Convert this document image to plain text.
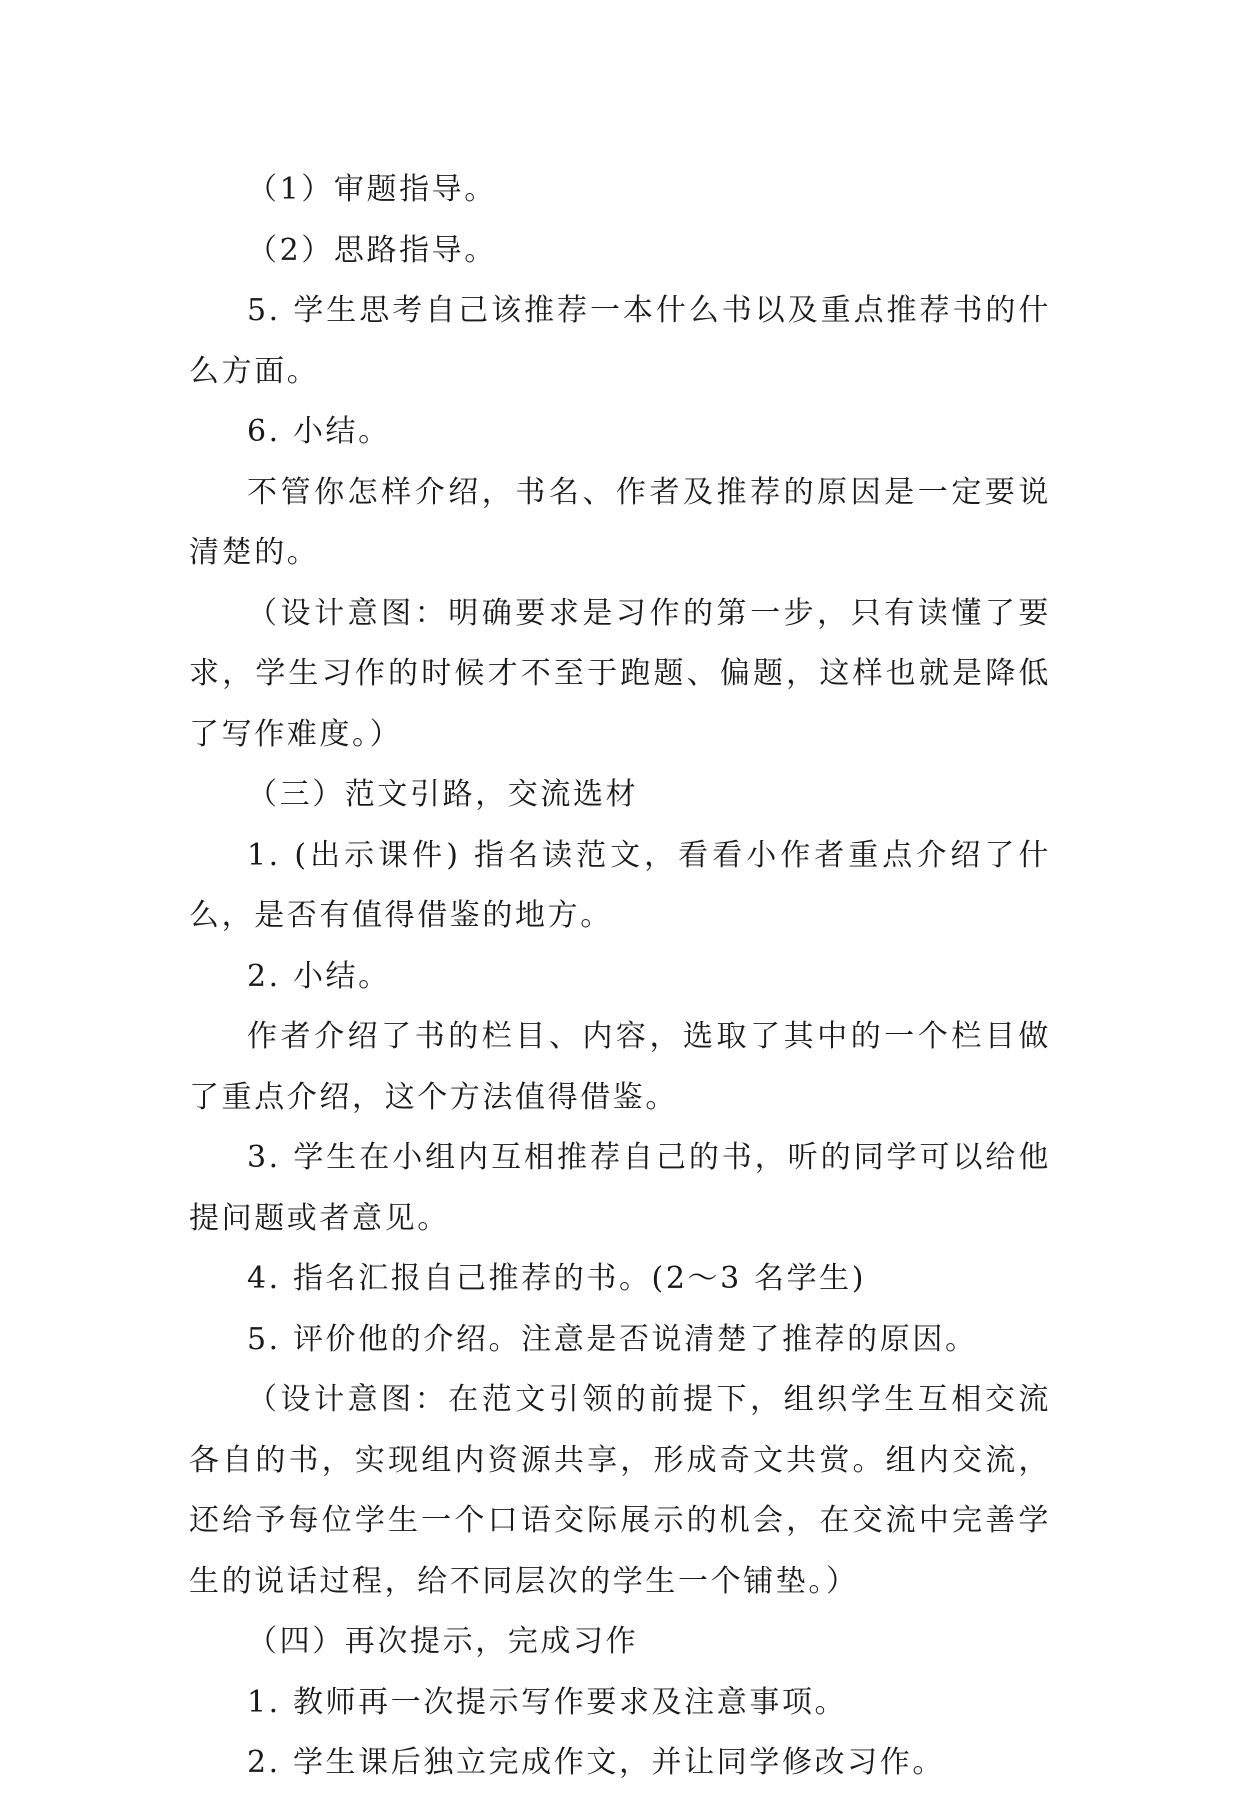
（1）审题指导。

（2）思路指导。

5. 学生思考自己该推荐一本什么书以及重点推荐书的什么方面。

6. 小结。

不管你怎样介绍，书名、作者及推荐的原因是一定要说清楚的。

（设计意图：明确要求是习作的第一步，只有读懂了要求，学生习作的时候才不至于跑题、偏题，这样也就是降低了写作难度。）

（三）范文引路，交流选材

1. (出示课件) 指名读范文，看看小作者重点介绍了什么，是否有值得借鉴的地方。

2. 小结。

作者介绍了书的栏目、内容，选取了其中的一个栏目做了重点介绍，这个方法值得借鉴。

3. 学生在小组内互相推荐自己的书，听的同学可以给他提问题或者意见。

4. 指名汇报自己推荐的书。(2～3 名学生)

5. 评价他的介绍。注意是否说清楚了推荐的原因。

（设计意图：在范文引领的前提下，组织学生互相交流各自的书，实现组内资源共享，形成奇文共赏。组内交流，还给予每位学生一个口语交际展示的机会，在交流中完善学生的说话过程，给不同层次的学生一个铺垫。）

（四）再次提示，完成习作

1. 教师再一次提示写作要求及注意事项。

2. 学生课后独立完成作文，并让同学修改习作。
